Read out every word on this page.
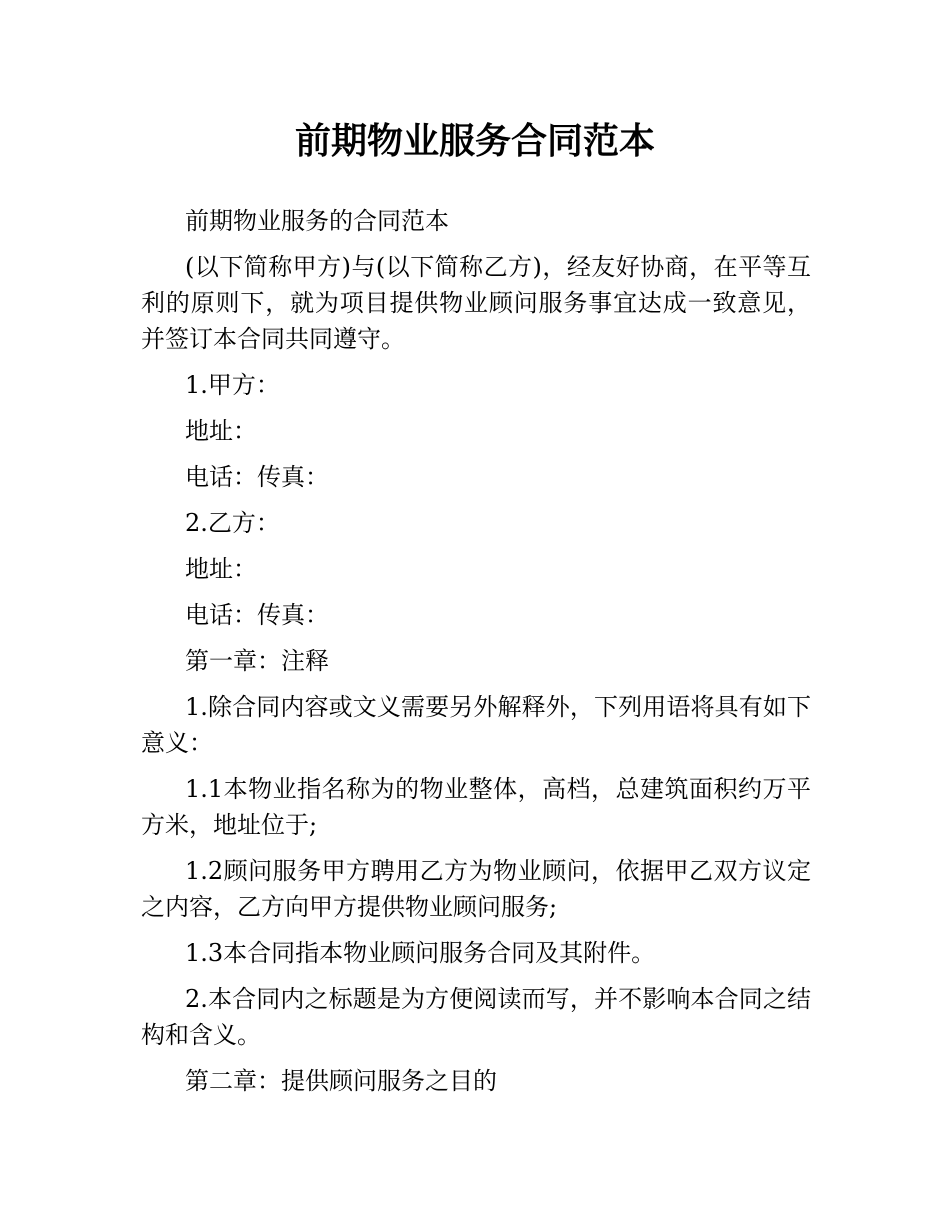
前期物业服务合同范本

前期物业服务的合同范本

(以下简称甲方)与(以下简称乙方)，经友好协商，在平等互利的原则下，就为项目提供物业顾问服务事宜达成一致意见，并签订本合同共同遵守。

1.甲方：

地址：

电话：传真：

2.乙方：

地址：

电话：传真：

第一章：注释

1.除合同内容或文义需要另外解释外，下列用语将具有如下意义：

1.1本物业指名称为的物业整体，高档，总建筑面积约万平方米，地址位于;

1.2顾问服务甲方聘用乙方为物业顾问，依据甲乙双方议定之内容，乙方向甲方提供物业顾问服务;

1.3本合同指本物业顾问服务合同及其附件。

2.本合同内之标题是为方便阅读而写，并不影响本合同之结构和含义。

第二章：提供顾问服务之目的
